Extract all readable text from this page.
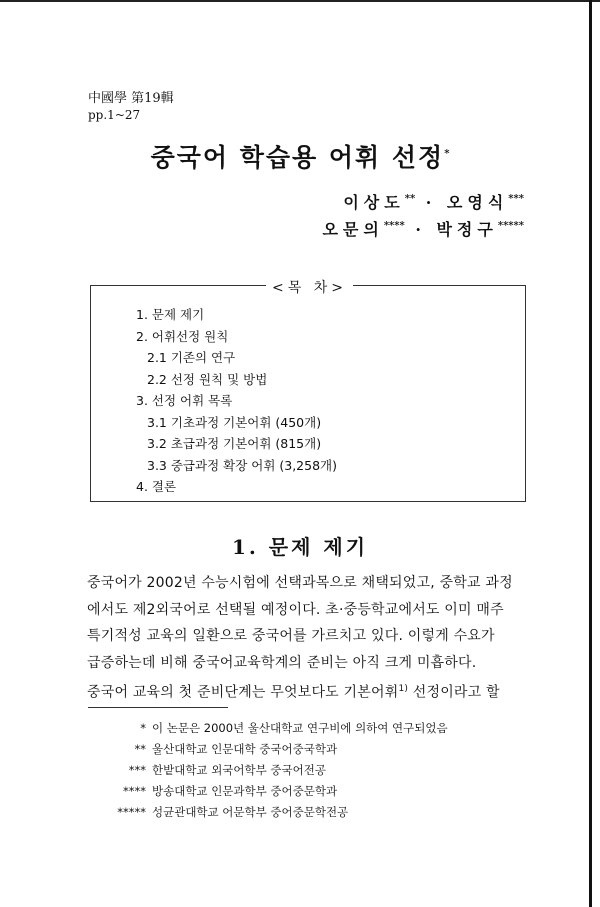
中國學 第19輯
pp.1~27
중국어 학습용 어휘 선정*
이상도** · 오영식***
오문의**** · 박정구*****
<목 차>
1. 문제 제기
2. 어휘선정 원칙
2.1 기존의 연구
2.2 선정 원칙 및 방법
3. 선정 어휘 목록
3.1 기초과정 기본어휘 (450개)
3.2 초급과정 기본어휘 (815개)
3.3 중급과정 확장 어휘 (3,258개)
4. 결론
1. 문제 제기

중국어가 2002년 수능시험에 선택과목으로 채택되었고, 중학교 과정

에서도 제2외국어로 선택될 예정이다. 초·중등학교에서도 이미 매주

특기적성 교육의 일환으로 중국어를 가르치고 있다. 이렇게 수요가

급증하는데 비해 중국어교육학계의 준비는 아직 크게 미흡하다.

중국어 교육의 첫 준비단계는 무엇보다도 기본어휘$^{1)}$ 선정이라고 할

* 이 논문은 2000년 울산대학교 연구비에 의하여 연구되었음
** 울산대학교 인문대학 중국어중국학과
*** 한밭대학교 외국어학부 중국어전공
**** 방송대학교 인문과학부 중어중문학과
***** 성균관대학교 어문학부 중어중문학전공
